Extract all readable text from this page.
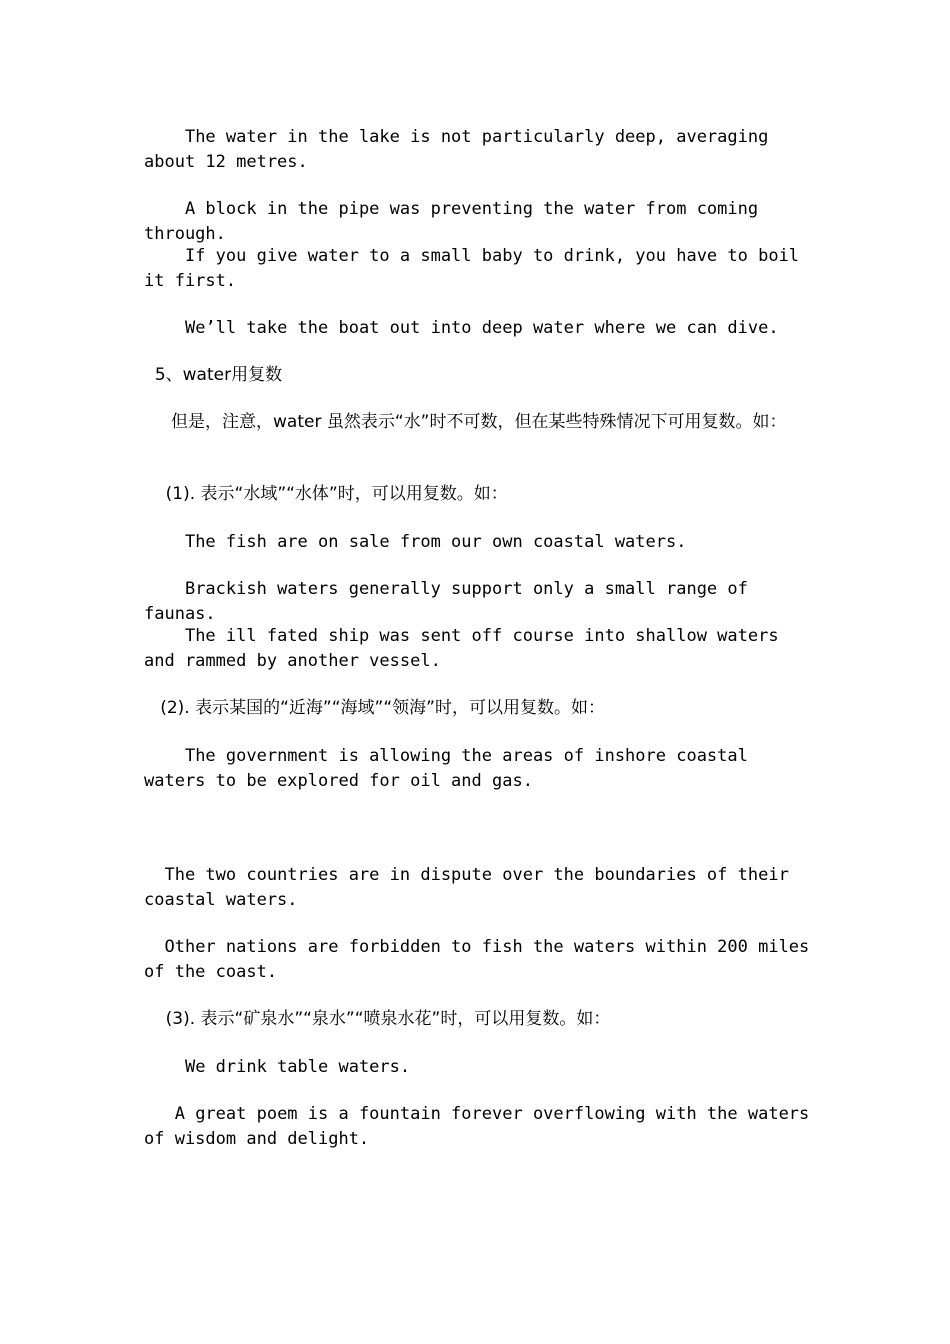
The water in the lake is not particularly deep, averaging about 12 metres.

A block in the pipe was preventing the water from coming through.

If you give water to a small baby to drink, you have to boil it first.

We’ll take the boat out into deep water where we can dive.

5、water用复数

但是，注意，water 虽然表示“水”时不可数，但在某些特殊情况下可用复数。如：

(1). 表示“水域”“水体”时，可以用复数。如：

The fish are on sale from our own coastal waters.

Brackish waters generally support only a small range of faunas.

The ill fated ship was sent off course into shallow waters and rammed by another vessel.

(2). 表示某国的“近海”“海域”“领海”时，可以用复数。如：

The government is allowing the areas of inshore coastal waters to be explored for oil and gas.

The two countries are in dispute over the boundaries of their coastal waters.

Other nations are forbidden to fish the waters within 200 miles of the coast.

(3). 表示“矿泉水”“泉水”“喷泉水花”时，可以用复数。如：

We drink table waters.

A great poem is a fountain forever overflowing with the waters of wisdom and delight.
